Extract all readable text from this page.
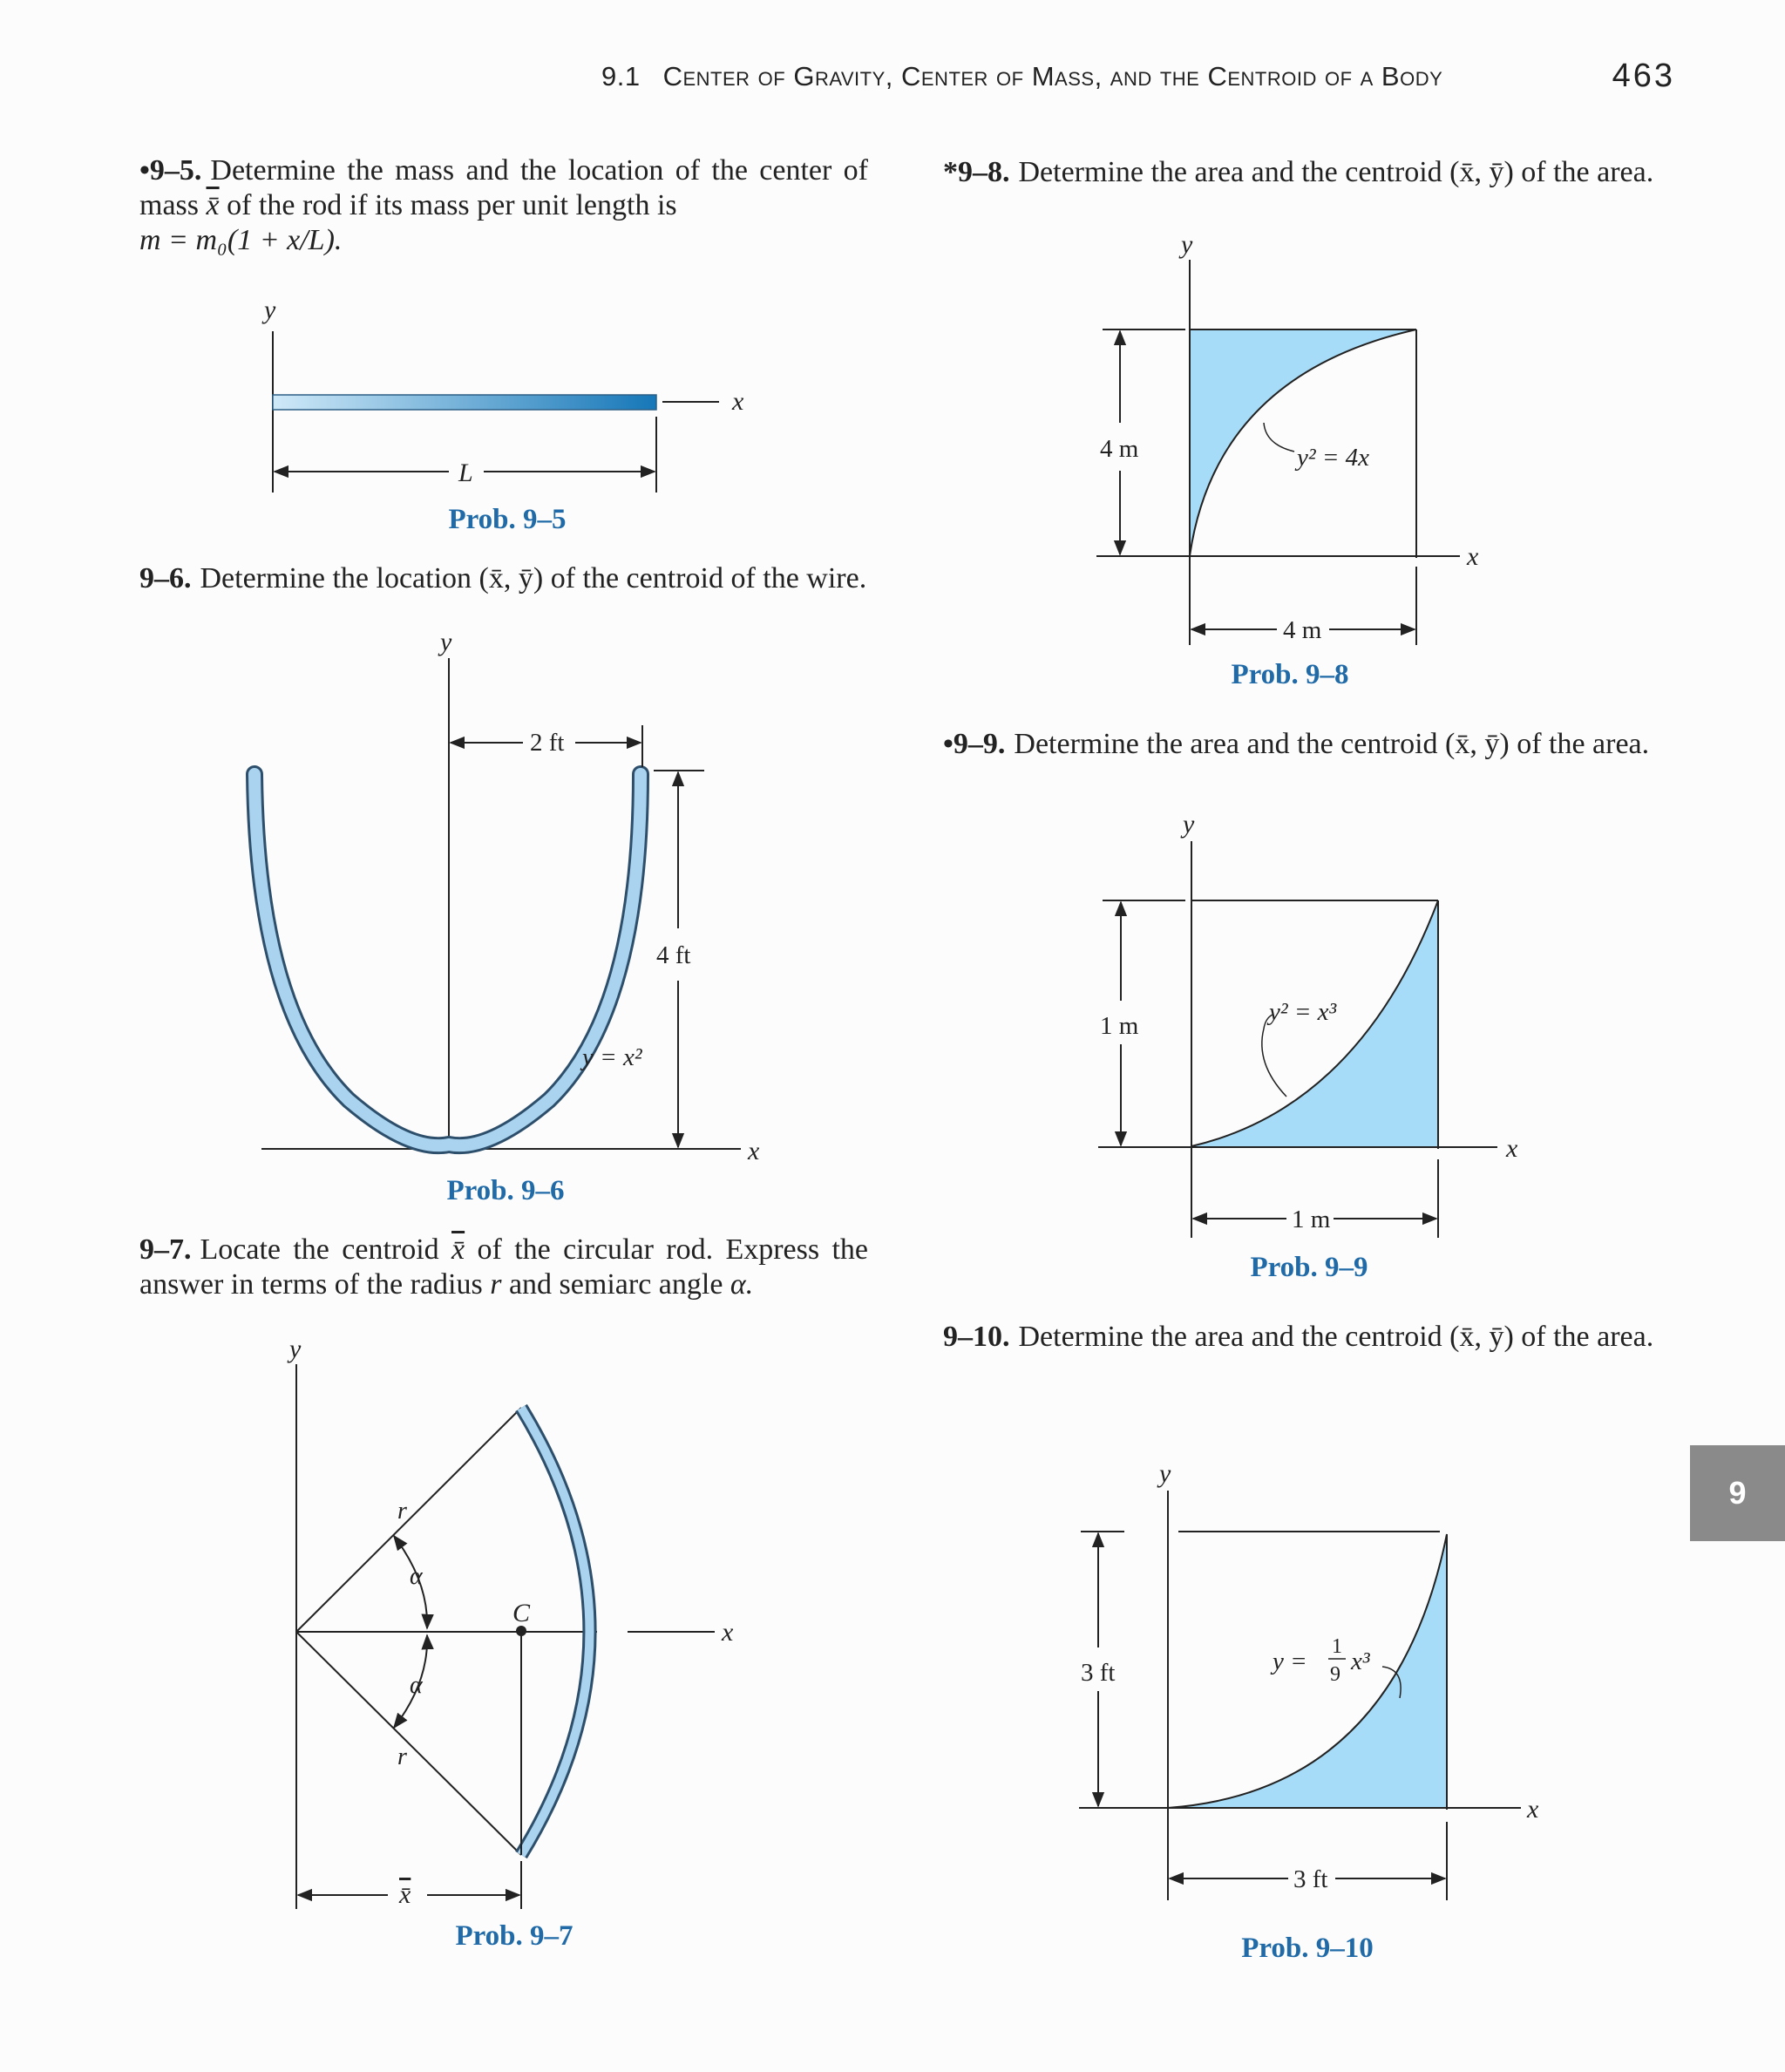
9.1 Center of Gravity, Center of Mass, and the Centroid of a Body	463
•9–5. Determine the mass and the location of the center of mass x̄ of the rod if its mass per unit length is
m = m₀(1 + x/L).
x
y
L
Prob. 9–5
9–6. Determine the location (x̄, ȳ) of the centroid of the wire.
y
x
2 ft
4 ft
y = x²
Prob. 9–6
9–7. Locate the centroid x̄ of the circular rod. Express the answer in terms of the radius r and semiarc angle α.
y
x
α
α
r
r
C
x̄
Prob. 9–7
*9–8. Determine the area and the centroid (x̄, ȳ) of the area.
y
x
4 m
4 m
y² = 4x
Prob. 9–8
•9–9. Determine the area and the centroid (x̄, ȳ) of the area.
y
x
1 m
1 m
y² = x³
Prob. 9–9
9–10. Determine the area and the centroid (x̄, ȳ) of the area.
y
x
3 ft
3 ft
y =
1
9 x³
Prob. 9–10
9
